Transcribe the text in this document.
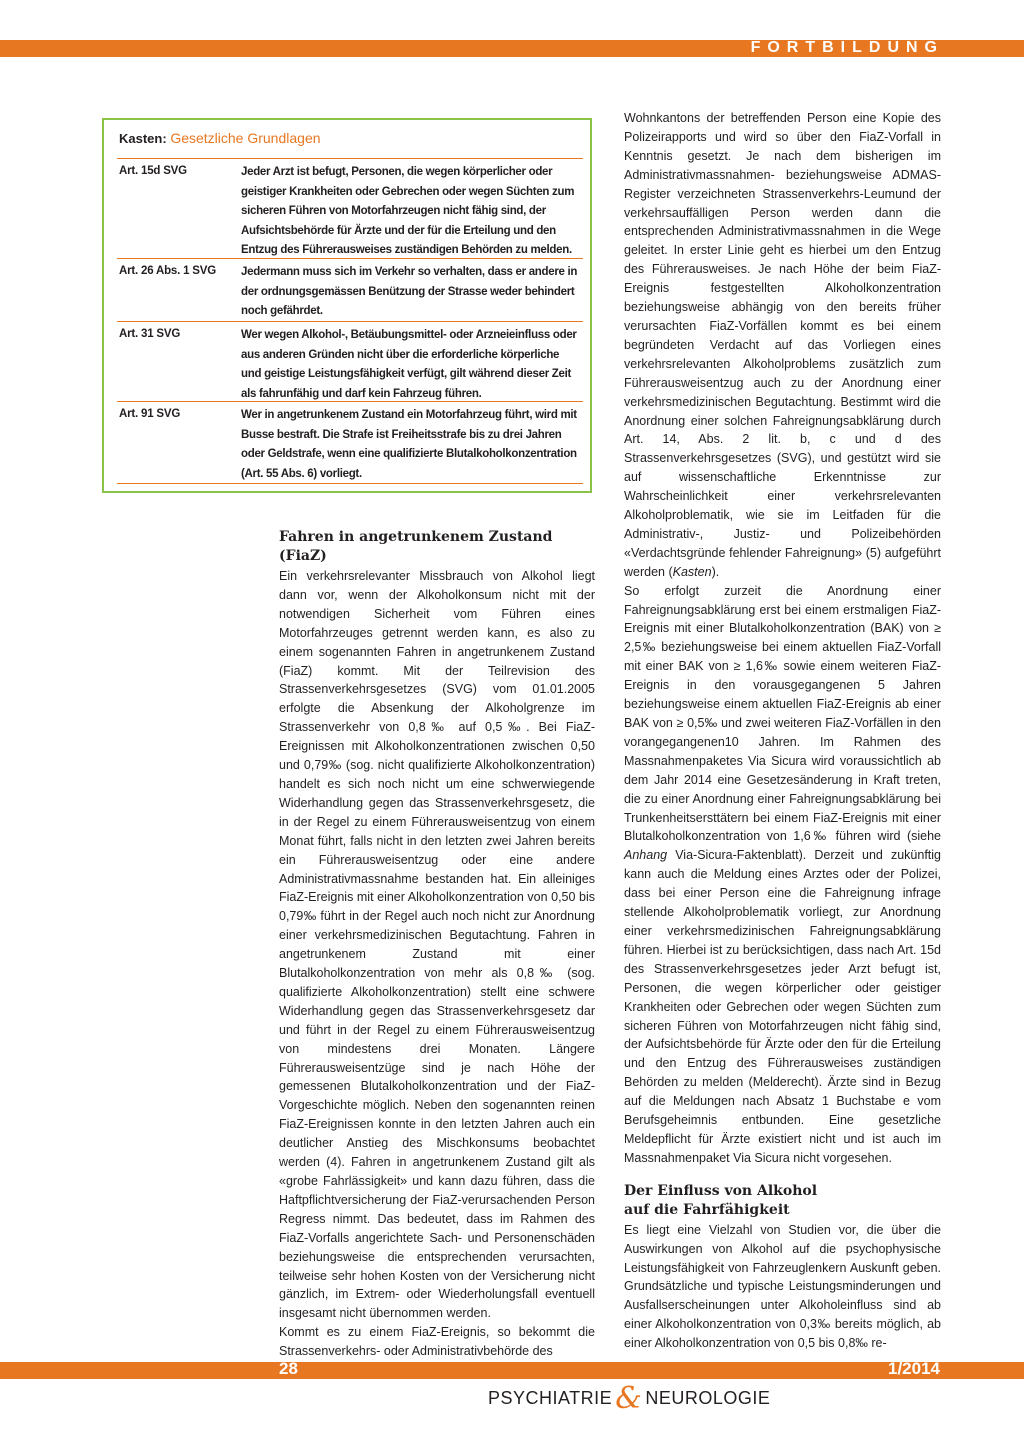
FORTBILDUNG
Kasten: Gesetzliche Grundlagen
Art. 15d SVG	Jeder Arzt ist befugt, Personen, die wegen körperlicher oder geistiger Krankheiten oder Gebrechen oder wegen Süchten zum sicheren Führen von Motorfahrzeugen nicht fähig sind, der Aufsichtsbehörde für Ärzte und der für die Erteilung und den Entzug des Führerausweises zuständigen Behörden zu melden.
Art. 26 Abs. 1 SVG Jedermann muss sich im Verkehr so verhalten, dass er andere in der ordnungsgemässen Benützung der Strasse weder behindert noch gefährdet.
Art. 31 SVG	Wer wegen Alkohol-, Betäubungsmittel- oder Arzneieinfluss oder aus anderen Gründen nicht über die erforderliche körperliche und geistige Leistungsfähigkeit verfügt, gilt während dieser Zeit als fahrunfähig und darf kein Fahrzeug führen.
Art. 91 SVG	Wer in angetrunkenem Zustand ein Motorfahrzeug führt, wird mit Busse bestraft. Die Strafe ist Freiheitsstrafe bis zu drei Jahren oder Geldstrafe, wenn eine qualifizierte Blutalkoholkonzentration (Art. 55 Abs. 6) vorliegt.
Fahren in angetrunkenem Zustand (FiaZ)

Ein verkehrsrelevanter Missbrauch von Alkohol liegt dann vor, wenn der Alkoholkonsum nicht mit der notwendigen Sicherheit vom Führen eines Motorfahrzeuges getrennt werden kann, es also zu einem sogenannten Fahren in angetrunkenem Zustand (FiaZ) kommt. Mit der Teilrevision des Strassenverkehrsgesetzes (SVG) vom 01.01.2005 erfolgte die Absenkung der Alkoholgrenze im Strassenverkehr von 0,8‰ auf 0,5‰. Bei FiaZ-Ereignissen mit Alkoholkonzentrationen zwischen 0,50 und 0,79‰ (sog. nicht qualifizierte Alkoholkonzentration) handelt es sich noch nicht um eine schwerwiegende Widerhandlung gegen das Strassenverkehrsgesetz, die in der Regel zu einem Führerausweisentzug von einem Monat führt, falls nicht in den letzten zwei Jahren bereits ein Führerausweisentzug oder eine andere Administrativmassnahme bestanden hat. Ein alleiniges FiaZ-Ereignis mit einer Alkoholkonzentration von 0,50 bis 0,79‰ führt in der Regel auch noch nicht zur Anordnung einer verkehrsmedizinischen Begutachtung. Fahren in angetrunkenem Zustand mit einer Blutalkoholkonzentration von mehr als 0,8‰ (sog. qualifizierte Alkoholkonzentration) stellt eine schwere Widerhandlung gegen das Strassenverkehrsgesetz dar und führt in der Regel zu einem Führerausweisentzug von mindestens drei Monaten. Längere Führerausweisentzüge sind je nach Höhe der gemessenen Blutalkoholkonzentration und der FiaZ-Vorgeschichte möglich. Neben den sogenannten reinen FiaZ-Ereignissen konnte in den letzten Jahren auch ein deutlicher Anstieg des Mischkonsums beobachtet werden (4). Fahren in angetrunkenem Zustand gilt als «grobe Fahrlässigkeit» und kann dazu führen, dass die Haftpflichtversicherung der FiaZ-verursachenden Person Regress nimmt. Das bedeutet, dass im Rahmen des FiaZ-Vorfalls angerichtete Sach- und Personenschäden beziehungsweise die entsprechenden verursachten, teilweise sehr hohen Kosten von der Versicherung nicht gänzlich, im Extrem- oder Wiederholungsfall eventuell insgesamt nicht übernommen werden.

Kommt es zu einem FiaZ-Ereignis, so bekommt die Strassenverkehrs- oder Administrativbehörde des

Wohnkantons der betreffenden Person eine Kopie des Polizeirapports und wird so über den FiaZ-Vorfall in Kenntnis gesetzt. Je nach dem bisherigen im Administrativmassnahmen- beziehungsweise ADMAS-Register verzeichneten Strassenverkehrs-Leumund der verkehrsauffälligen Person werden dann die entsprechenden Administrativmassnahmen in die Wege geleitet. In erster Linie geht es hierbei um den Entzug des Führerausweises. Je nach Höhe der beim FiaZ-Ereignis festgestellten Alkoholkonzentration beziehungsweise abhängig von den bereits früher verursachten FiaZ-Vorfällen kommt es bei einem begründeten Verdacht auf das Vorliegen eines verkehrsrelevanten Alkoholproblems zusätzlich zum Führerausweisentzug auch zu der Anordnung einer verkehrsmedizinischen Begutachtung. Bestimmt wird die Anordnung einer solchen Fahreignungsabklärung durch Art. 14, Abs. 2 lit. b, c und d des Strassenverkehrsgesetzes (SVG), und gestützt wird sie auf wissenschaftliche Erkenntnisse zur Wahrscheinlichkeit einer verkehrsrelevanten Alkoholproblematik, wie sie im Leitfaden für die Administrativ-, Justiz- und Polizeibehörden «Verdachtsgründe fehlender Fahreignung» (5) aufgeführt werden (Kasten).

So erfolgt zurzeit die Anordnung einer Fahreignungsabklärung erst bei einem erstmaligen FiaZ-Ereignis mit einer Blutalkoholkonzentration (BAK) von ≥ 2,5‰ beziehungsweise bei einem aktuellen FiaZ-Vorfall mit einer BAK von ≥ 1,6‰ sowie einem weiteren FiaZ-Ereignis in den vorausgegangenen 5 Jahren beziehungsweise einem aktuellen FiaZ-Ereignis ab einer BAK von ≥ 0,5‰ und zwei weiteren FiaZ-Vorfällen in den vorangegangenen10 Jahren. Im Rahmen des Massnahmenpaketes Via Sicura wird voraussichtlich ab dem Jahr 2014 eine Gesetzesänderung in Kraft treten, die zu einer Anordnung einer Fahreignungsabklärung bei Trunkenheitsersttätern bei einem FiaZ-Ereignis mit einer Blutalkoholkonzentration von 1,6‰ führen wird (siehe Anhang Via-Sicura-Faktenblatt). Derzeit und zukünftig kann auch die Meldung eines Arztes oder der Polizei, dass bei einer Person eine die Fahreignung infrage stellende Alkoholproblematik vorliegt, zur Anordnung einer verkehrsmedizinischen Fahreignungsabklärung führen. Hierbei ist zu berücksichtigen, dass nach Art. 15d des Strassenverkehrsgesetzes jeder Arzt befugt ist, Personen, die wegen körperlicher oder geistiger Krankheiten oder Gebrechen oder wegen Süchten zum sicheren Führen von Motorfahrzeugen nicht fähig sind, der Aufsichtsbehörde für Ärzte oder den für die Erteilung und den Entzug des Führerausweises zuständigen Behörden zu melden (Melderecht). Ärzte sind in Bezug auf die Meldungen nach Absatz 1 Buchstabe e vom Berufsgeheimnis entbunden. Eine gesetzliche Meldepflicht für Ärzte existiert nicht und ist auch im Massnahmenpaket Via Sicura nicht vorgesehen.

Der Einfluss von Alkohol
auf die Fahrfähigkeit

Es liegt eine Vielzahl von Studien vor, die über die Auswirkungen von Alkohol auf die psychophysische Leistungsfähigkeit von Fahrzeuglenkern Auskunft geben. Grundsätzliche und typische Leistungsminderungen und Ausfallserscheinungen unter Alkoholeinfluss sind ab einer Alkoholkonzentration von 0,3‰ bereits möglich, ab einer Alkoholkonzentration von 0,5 bis 0,8‰ re-

28	1/2014
PSYCHIATRIE & NEUROLOGIE
